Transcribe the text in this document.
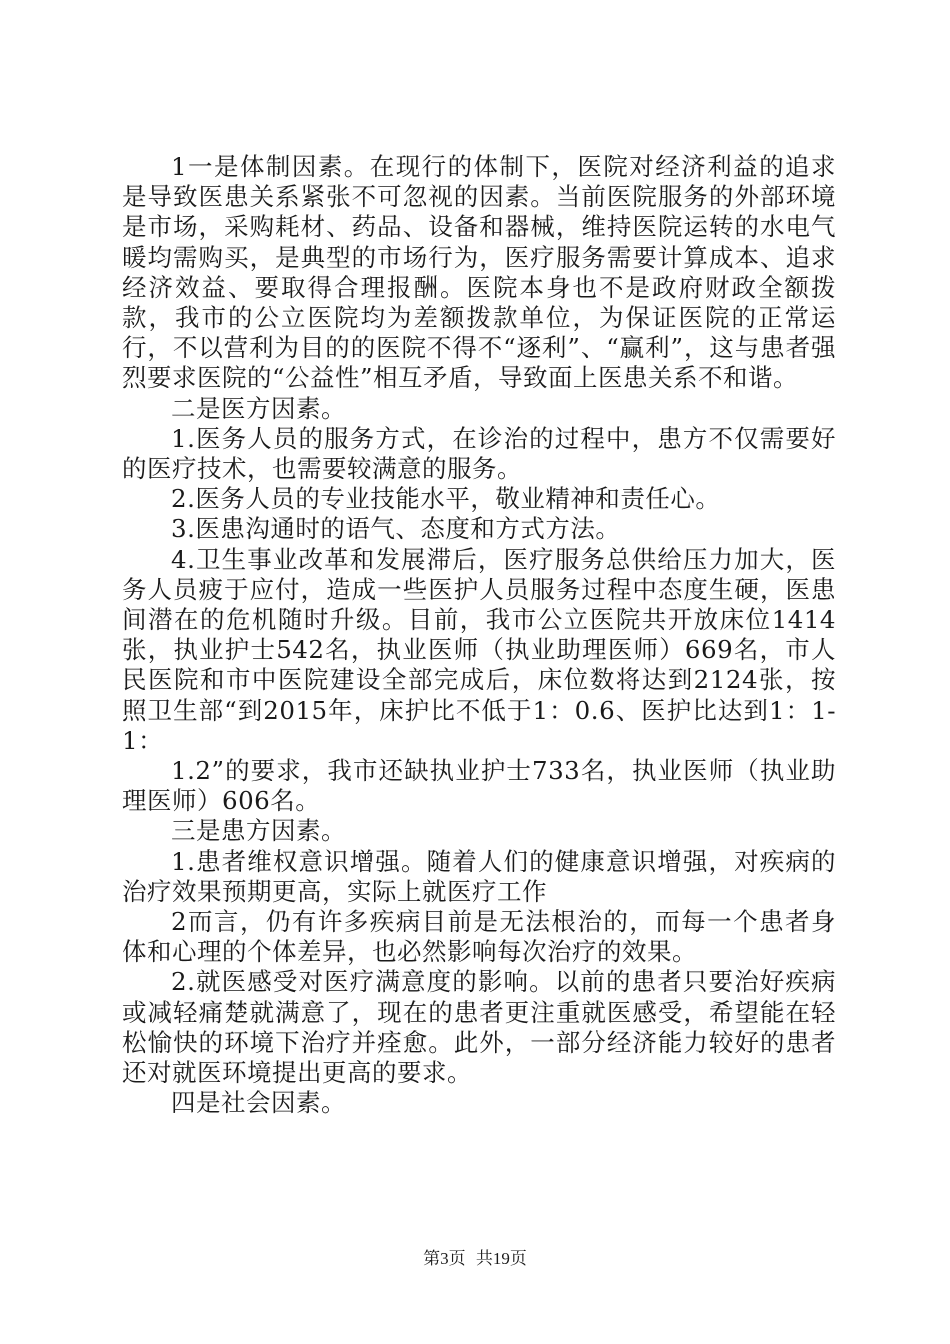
1一是体制因素。在现行的体制下，医院对经济利益的追求是导致医患关系紧张不可忽视的因素。当前医院服务的外部环境是市场，采购耗材、药品、设备和器械，维持医院运转的水电气暖均需购买，是典型的市场行为，医疗服务需要计算成本、追求经济效益、要取得合理报酬。医院本身也不是政府财政全额拨款，我市的公立医院均为差额拨款单位，为保证医院的正常运行，不以营利为目的的医院不得不“逐利”、“赢利”，这与患者强烈要求医院的“公益性”相互矛盾，导致面上医患关系不和谐。

二是医方因素。

1.医务人员的服务方式，在诊治的过程中，患方不仅需要好的医疗技术，也需要较满意的服务。

2.医务人员的专业技能水平，敬业精神和责任心。

3.医患沟通时的语气、态度和方式方法。

4.卫生事业改革和发展滞后，医疗服务总供给压力加大，医务人员疲于应付，造成一些医护人员服务过程中态度生硬，医患间潜在的危机随时升级。目前，我市公立医院共开放床位1414张，执业护士542名，执业医师（执业助理医师）669名，市人民医院和市中医院建设全部完成后，床位数将达到2124张，按照卫生部“到2015年，床护比不低于1：0.6、医护比达到1：1-1：

1.2”的要求，我市还缺执业护士733名，执业医师（执业助理医师）606名。

三是患方因素。

1.患者维权意识增强。随着人们的健康意识增强，对疾病的治疗效果预期更高，实际上就医疗工作

2而言，仍有许多疾病目前是无法根治的，而每一个患者身体和心理的个体差异，也必然影响每次治疗的效果。

2.就医感受对医疗满意度的影响。以前的患者只要治好疾病或减轻痛楚就满意了，现在的患者更注重就医感受，希望能在轻松愉快的环境下治疗并痊愈。此外，一部分经济能力较好的患者还对就医环境提出更高的要求。

四是社会因素。

第3页 共19页
